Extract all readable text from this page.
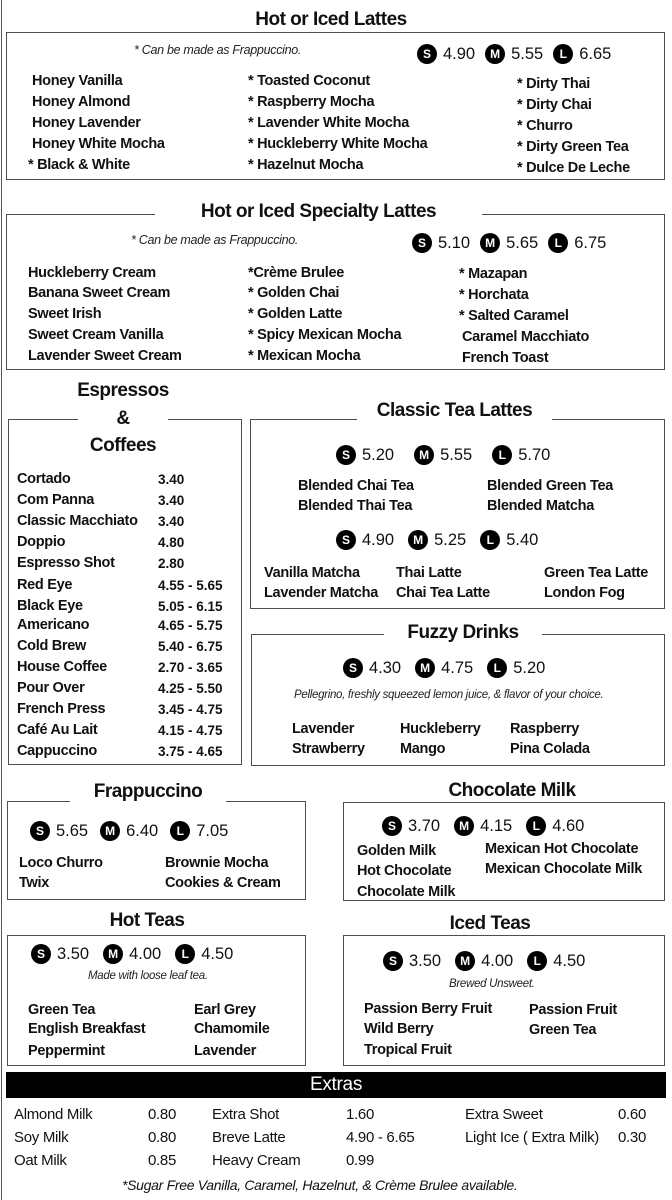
Hot or Iced Lattes
* Can be made as Frappuccino.	S 4.90	M 5.55	L 6.65
Honey Vanilla
Honey Almond
Honey Lavender
Honey White Mocha
* Black & White
* Toasted Coconut
* Raspberry Mocha
* Lavender White Mocha
* Huckleberry White Mocha
* Hazelnut Mocha
* Dirty Thai
* Dirty Chai
* Churro
* Dirty Green Tea
* Dulce De Leche
Hot or Iced Specialty Lattes
* Can be made as Frappuccino.	S 5.10	M 5.65	L 6.75
Huckleberry Cream
Banana Sweet Cream
Sweet Irish
Sweet Cream Vanilla
Lavender Sweet Cream
*Crème Brulee
* Golden Chai
* Golden Latte
* Spicy Mexican Mocha
* Mexican Mocha
* Mazapan
* Horchata
* Salted Caramel
Caramel Macchiato
French Toast
Espressos
&
Coffees
Cortado	3.40
Com Panna	3.40
Classic Macchiato 3.40
Doppio	4.80
Espresso Shot	2.80
Red Eye	4.55 - 5.65
Black Eye	5.05 - 6.15
Americano	4.65 - 5.75
Cold Brew	5.40 - 6.75
House Coffee	2.70 - 3.65
Pour Over	4.25 - 5.50
French Press	3.45 - 4.75
Café Au Lait	4.15 - 4.75
Cappuccino	3.75 - 4.65
Classic Tea Lattes
S 5.20	M 5.55	L 5.70
Blended Chai Tea
Blended Thai Tea
Blended Green Tea
Blended Matcha
S 4.90	M 5.25	L 5.40
Vanilla Matcha
Lavender Matcha
Thai Latte
Chai Tea Latte
Green Tea Latte
London Fog
Fuzzy Drinks
S 4.30	M 4.75	L 5.20
Pellegrino, freshly squeezed lemon juice, & flavor of your choice.
Lavender
Strawberry
Huckleberry
Mango
Raspberry
Pina Colada
Frappuccino
S 5.65	M 6.40	L 7.05
Loco Churro
Twix
Brownie Mocha
Cookies & Cream
Chocolate Milk
S 3.70	M 4.15	L 4.60
Golden Milk
Hot Chocolate
Chocolate Milk
Mexican Hot Chocolate
Mexican Chocolate Milk
Hot Teas
S 3.50	M 4.00	L 4.50
Made with loose leaf tea.
Green Tea
English Breakfast
Peppermint
Earl Grey
Chamomile
Lavender
Iced Teas
S 3.50	M 4.00	L 4.50
Brewed Unsweet.
Passion Berry Fruit
Wild Berry
Tropical Fruit
Passion Fruit
Green Tea
Extras
Almond Milk	0.80
Soy Milk	0.80
Oat Milk	0.85
Extra Shot	1.60
Breve Latte	4.90 - 6.65
Heavy Cream	0.99
Extra Sweet	0.60
Light Ice ( Extra Milk) 0.30
*Sugar Free Vanilla, Caramel, Hazelnut, & Crème Brulee available.
